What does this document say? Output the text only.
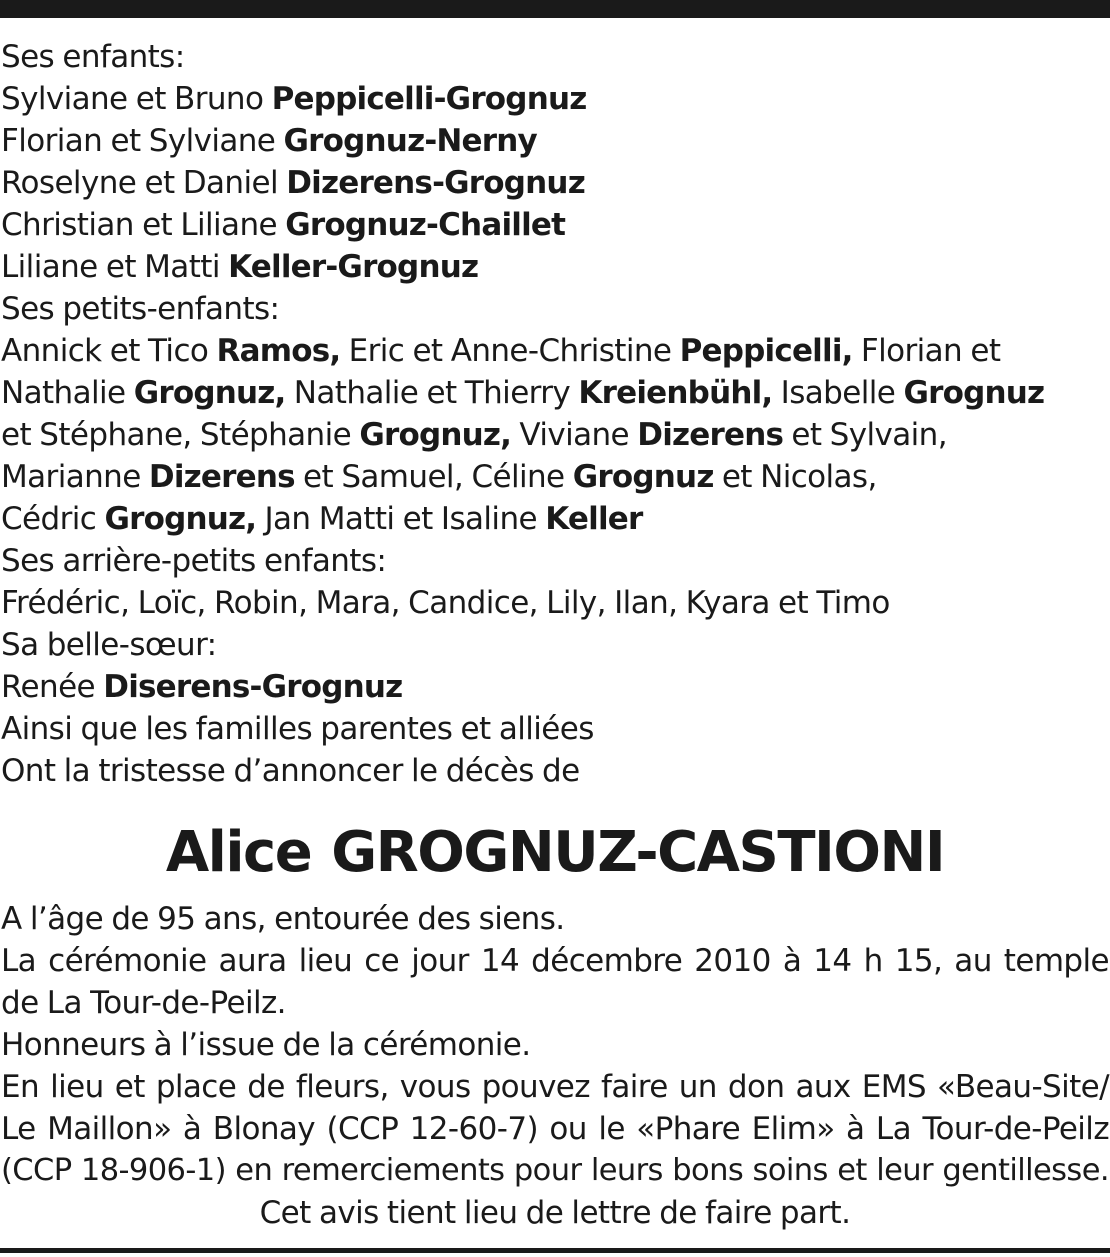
Ses enfants:
Sylviane et Bruno Peppicelli-Grognuz
Florian et Sylviane Grognuz-Nerny
Roselyne et Daniel Dizerens-Grognuz
Christian et Liliane Grognuz-Chaillet
Liliane et Matti Keller-Grognuz
Ses petits-enfants:
Annick et Tico Ramos, Eric et Anne-Christine Peppicelli, Florian et
Nathalie Grognuz, Nathalie et Thierry Kreienbühl, Isabelle Grognuz
et Stéphane, Stéphanie Grognuz, Viviane Dizerens et Sylvain,
Marianne Dizerens et Samuel, Céline Grognuz et Nicolas,
Cédric Grognuz, Jan Matti et Isaline Keller
Ses arrière-petits enfants:
Frédéric, Loïc, Robin, Mara, Candice, Lily, Ilan, Kyara et Timo
Sa belle-sœur:
Renée Diserens-Grognuz
Ainsi que les familles parentes et alliées
Ont la tristesse d’annoncer le décès de
Alice GROGNUZ-CASTIONI
A l’âge de 95 ans, entourée des siens.
La cérémonie aura lieu ce jour 14 décembre 2010 à 14 h 15, au temple
de La Tour-de-Peilz.
Honneurs à l’issue de la cérémonie.
En lieu et place de fleurs, vous pouvez faire un don aux EMS «Beau-Site/
Le Maillon» à Blonay (CCP 12-60-7) ou le «Phare Elim» à La Tour-de-Peilz
(CCP 18-906-1) en remerciements pour leurs bons soins et leur gentillesse.
Cet avis tient lieu de lettre de faire part.
